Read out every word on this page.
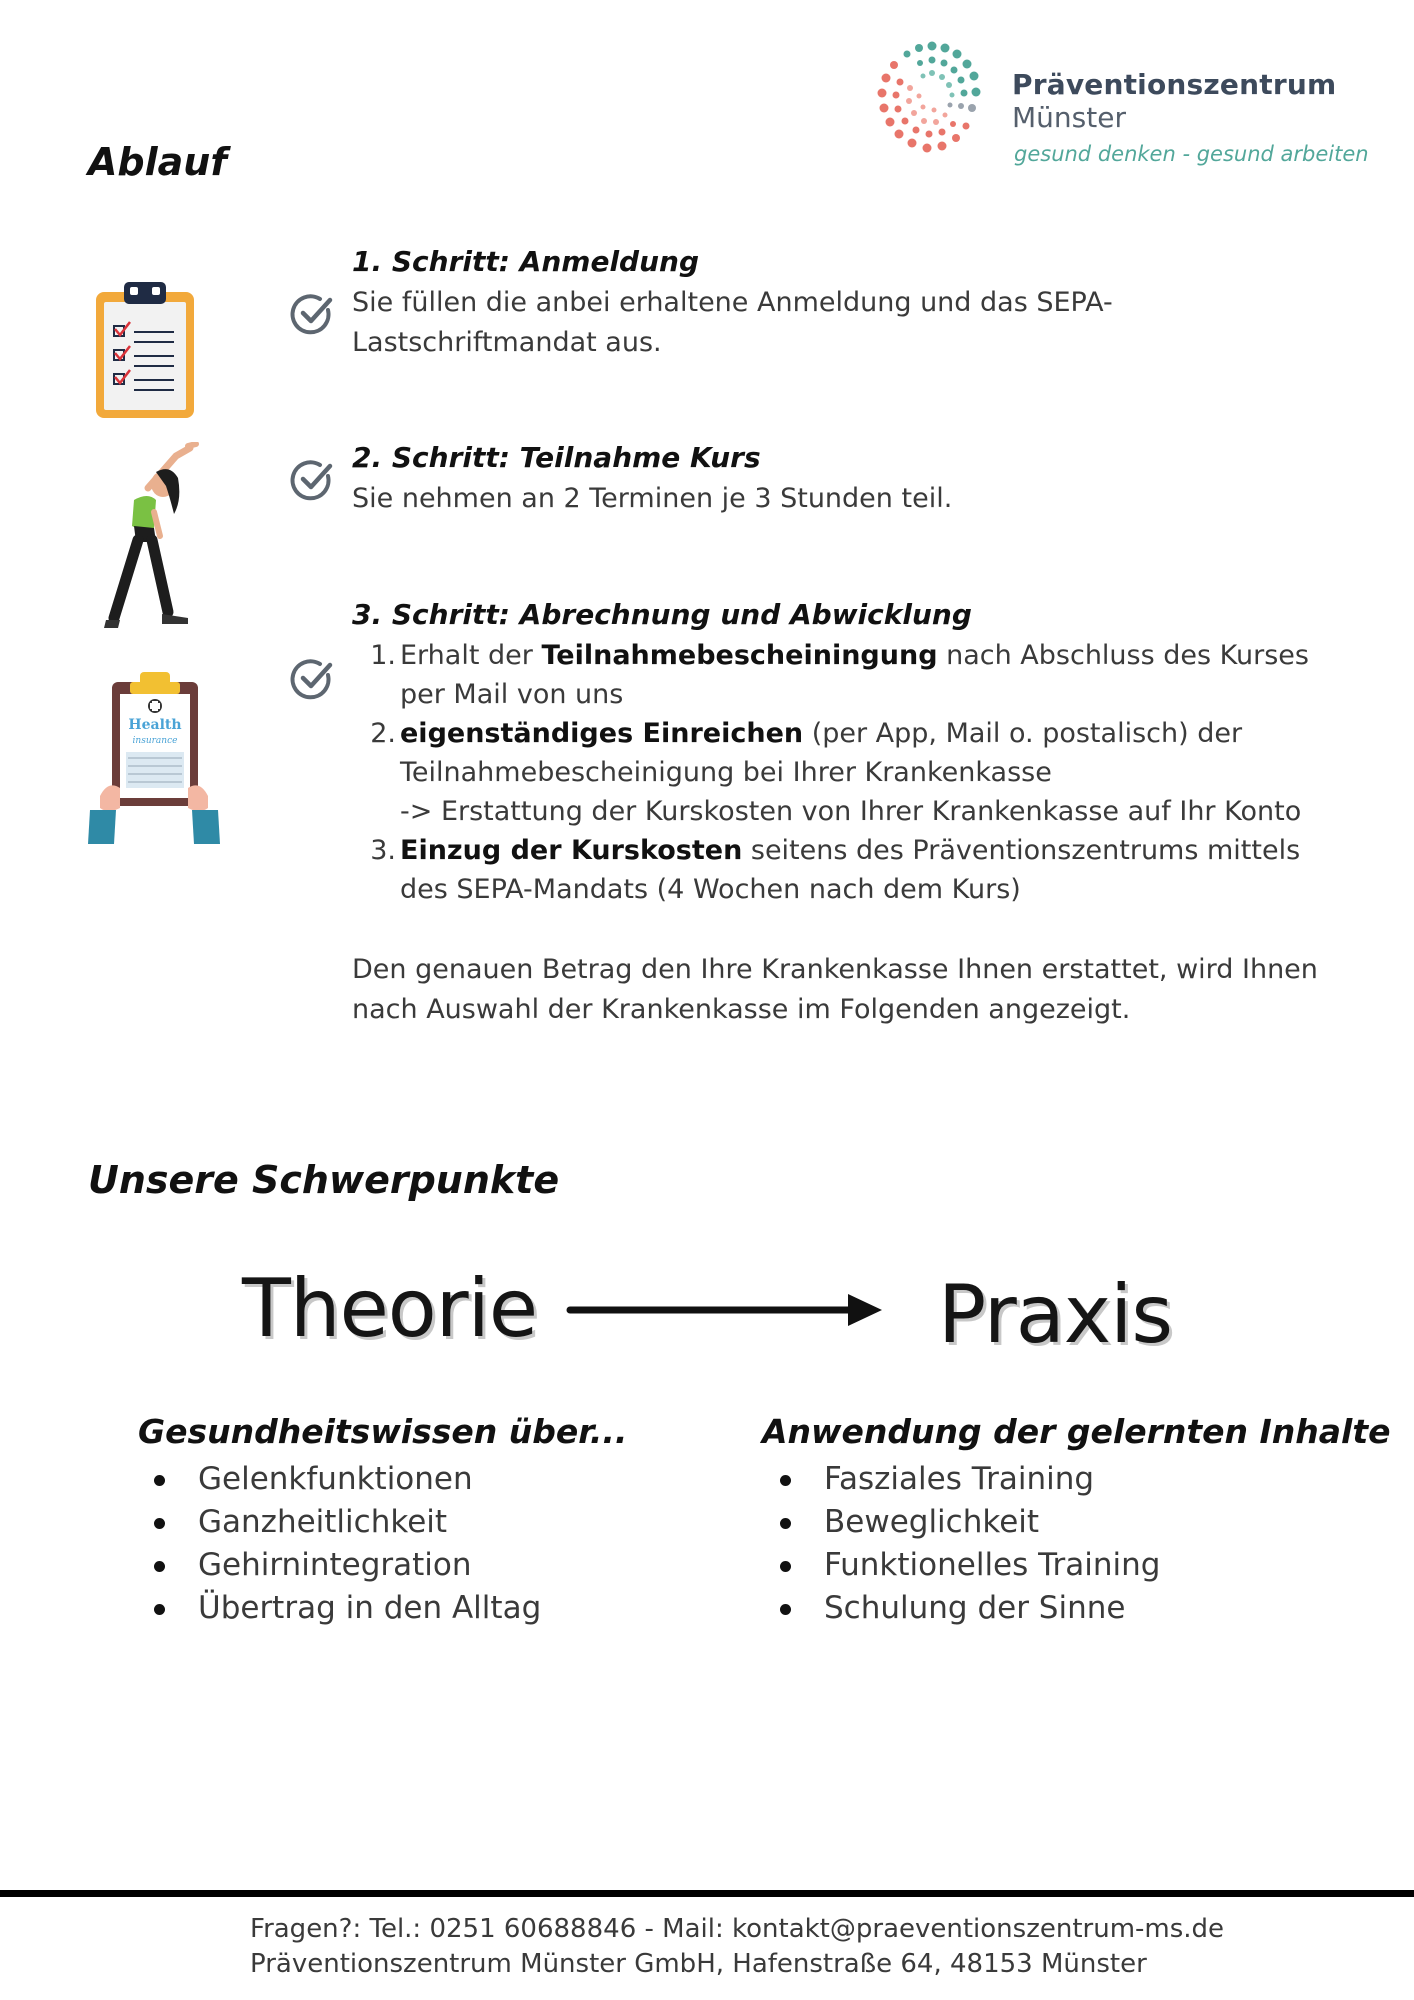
Präventionszentrum
Münster
gesund denken - gesund arbeiten
Ablauf
Health
insurance
1. Schritt: Anmeldung
Sie füllen die anbei erhaltene Anmeldung und das SEPA-Lastschriftmandat aus.
2. Schritt: Teilnahme Kurs
Sie nehmen an 2 Terminen je 3 Stunden teil.
3. Schritt: Abrechnung und Abwicklung
1. Erhalt der Teilnahmebescheiningung nach Abschluss des Kurses per Mail von uns
2. eigenständiges Einreichen (per App, Mail o. postalisch) der Teilnahmebescheinigung bei Ihrer Krankenkasse
-> Erstattung der Kurskosten von Ihrer Krankenkasse auf Ihr Konto
3. Einzug der Kurskosten seitens des Präventionszentrums mittels des SEPA-Mandats (4 Wochen nach dem Kurs)
Den genauen Betrag den Ihre Krankenkasse Ihnen erstattet, wird Ihnen nach Auswahl der Krankenkasse im Folgenden angezeigt.
Unsere Schwerpunkte
Theorie	Praxis
Gesundheitswissen über...
Gelenkfunktionen
Ganzheitlichkeit
Gehirnintegration
Übertrag in den Alltag
Anwendung der gelernten Inhalte
Fasziales Training
Beweglichkeit
Funktionelles Training
Schulung der Sinne
Fragen?: Tel.: 0251 60688846 - Mail: kontakt@praeventionszentrum-ms.de
Präventionszentrum Münster GmbH, Hafenstraße 64, 48153 Münster
